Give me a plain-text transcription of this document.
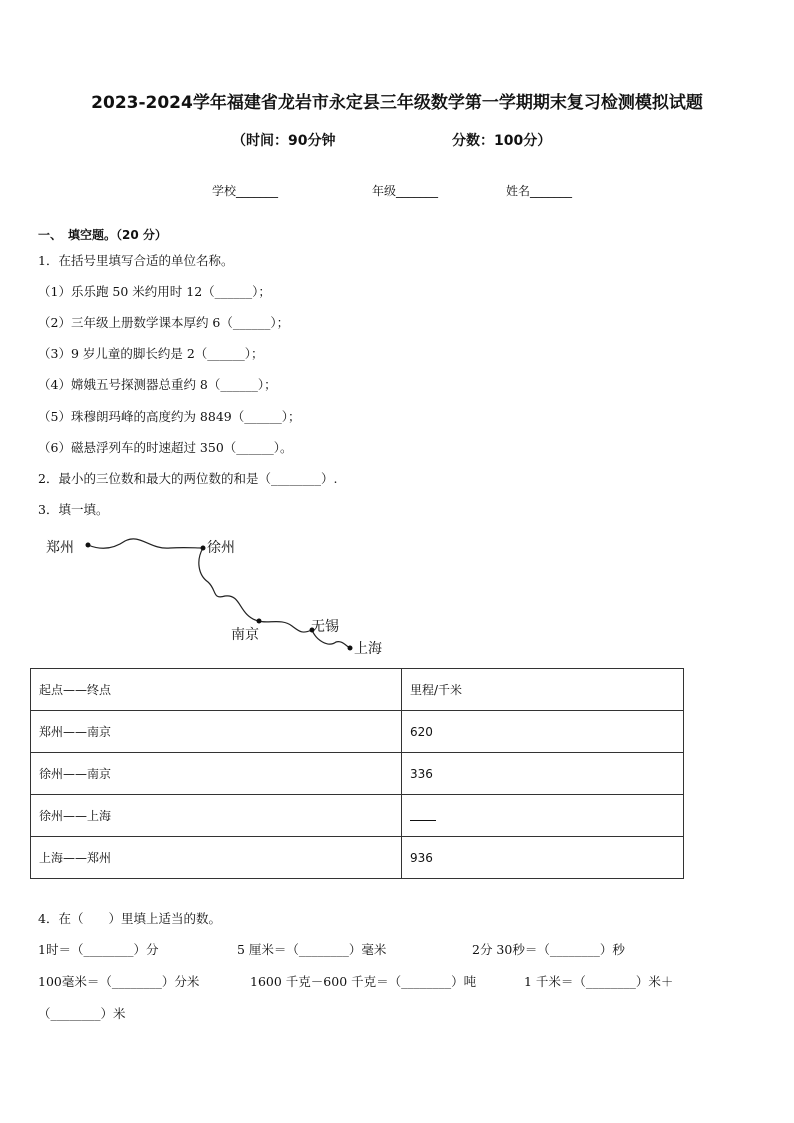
2023-2024学年福建省龙岩市永定县三年级数学第一学期期末复习检测模拟试题
（时间：90分钟	分数：100分）
学校_______	年级_______	姓名_______
一、　填空题。（20 分）
1．在括号里填写合适的单位名称。
（1）乐乐跑 50 米约用时 12（______）；
（2）三年级上册数学课本厚约 6（______）；
（3）9 岁儿童的脚长约是 2（______）；
（4）嫦娥五号探测器总重约 8（______）；
（5）珠穆朗玛峰的高度约为 8849（______）；
（6）磁悬浮列车的时速超过 350（______）。
2．最小的三位数和最大的两位数的和是（________）.
3．填一填。
郑州	徐州
南京	无锡
上海
起点——终点	里程/千米
郑州——南京	620
徐州——南京	336
徐州——上海	
上海——郑州	936
4．在（　　）里填上适当的数。
1时＝（________）分	5 厘米＝（________）毫米	2分 30秒＝（________）秒
100毫米＝（________）分米	1600 千克－600 千克＝（________）吨	1 千米＝（________）米＋
（________）米
